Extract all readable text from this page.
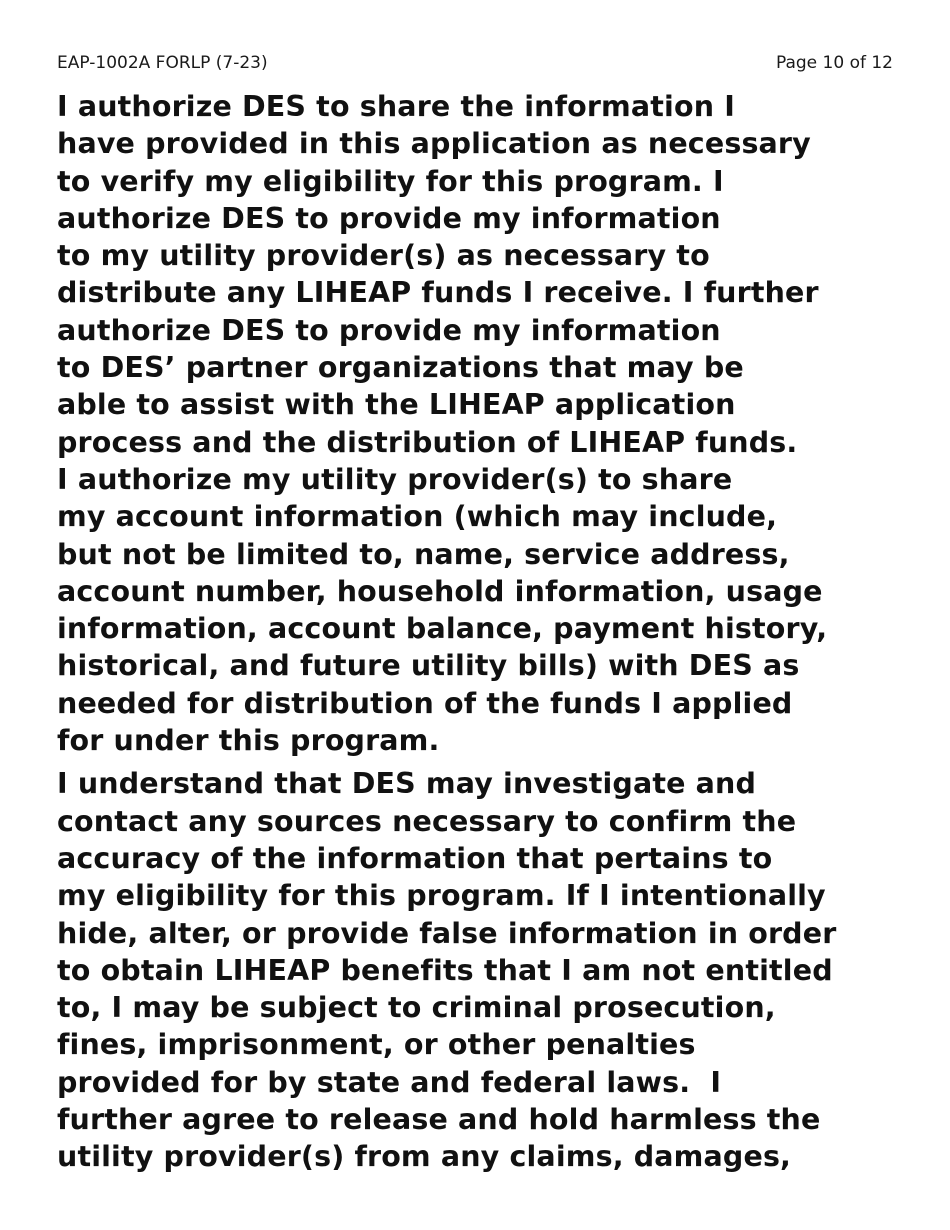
EAP-1002A FORLP (7-23)	Page 10 of 12

I authorize DES to share the information I
have provided in this application as necessary
to verify my eligibility for this program. I
authorize DES to provide my information
to my utility provider(s) as necessary to
distribute any LIHEAP funds I receive. I further
authorize DES to provide my information
to DES’ partner organizations that may be
able to assist with the LIHEAP application
process and the distribution of LIHEAP funds.
I authorize my utility provider(s) to share
my account information (which may include,
but not be limited to, name, service address,
account number, household information, usage
information, account balance, payment history,
historical, and future utility bills) with DES as
needed for distribution of the funds I applied
for under this program.

I understand that DES may investigate and
contact any sources necessary to confirm the
accuracy of the information that pertains to
my eligibility for this program. If I intentionally
hide, alter, or provide false information in order
to obtain LIHEAP benefits that I am not entitled
to, I may be subject to criminal prosecution,
fines, imprisonment, or other penalties
provided for by state and federal laws.  I
further agree to release and hold harmless the
utility provider(s) from any claims, damages,
